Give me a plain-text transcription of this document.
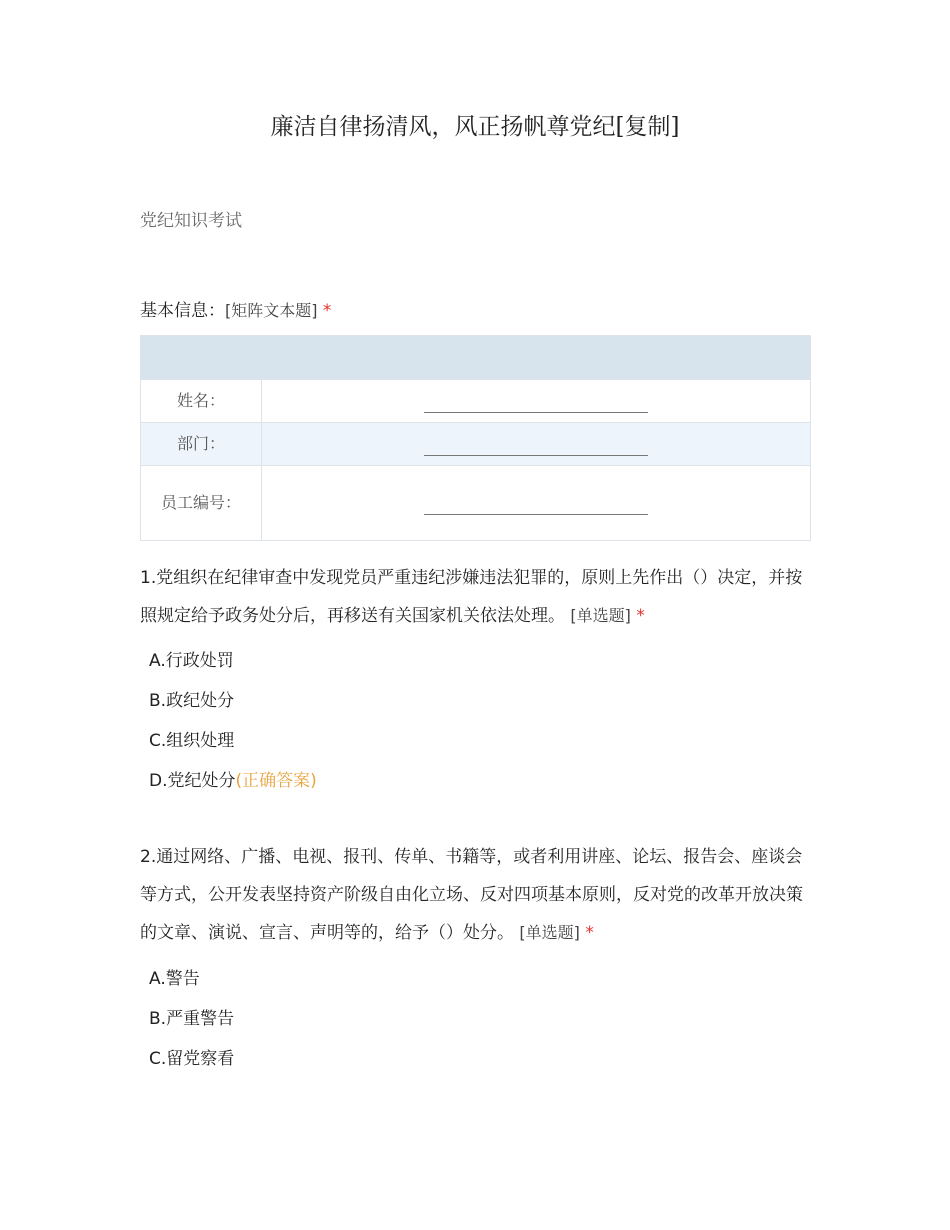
廉洁自律扬清风，风正扬帆尊党纪[复制]
党纪知识考试
基本信息：[矩阵文本题] *

姓名：	
部门：	
员工编号：	
1.党组织在纪律审查中发现党员严重违纪涉嫌违法犯罪的，原则上先作出（）决定，并按照规定给予政务处分后，再移送有关国家机关依法处理。 [单选题] *
A.行政处罚
B.政纪处分
C.组织处理
D.党纪处分(正确答案)
2.通过网络、广播、电视、报刊、传单、书籍等，或者利用讲座、论坛、报告会、座谈会等方式，公开发表坚持资产阶级自由化立场、反对四项基本原则，反对党的改革开放决策的文章、演说、宣言、声明等的，给予（）处分。 [单选题] *
A.警告
B.严重警告
C.留党察看
